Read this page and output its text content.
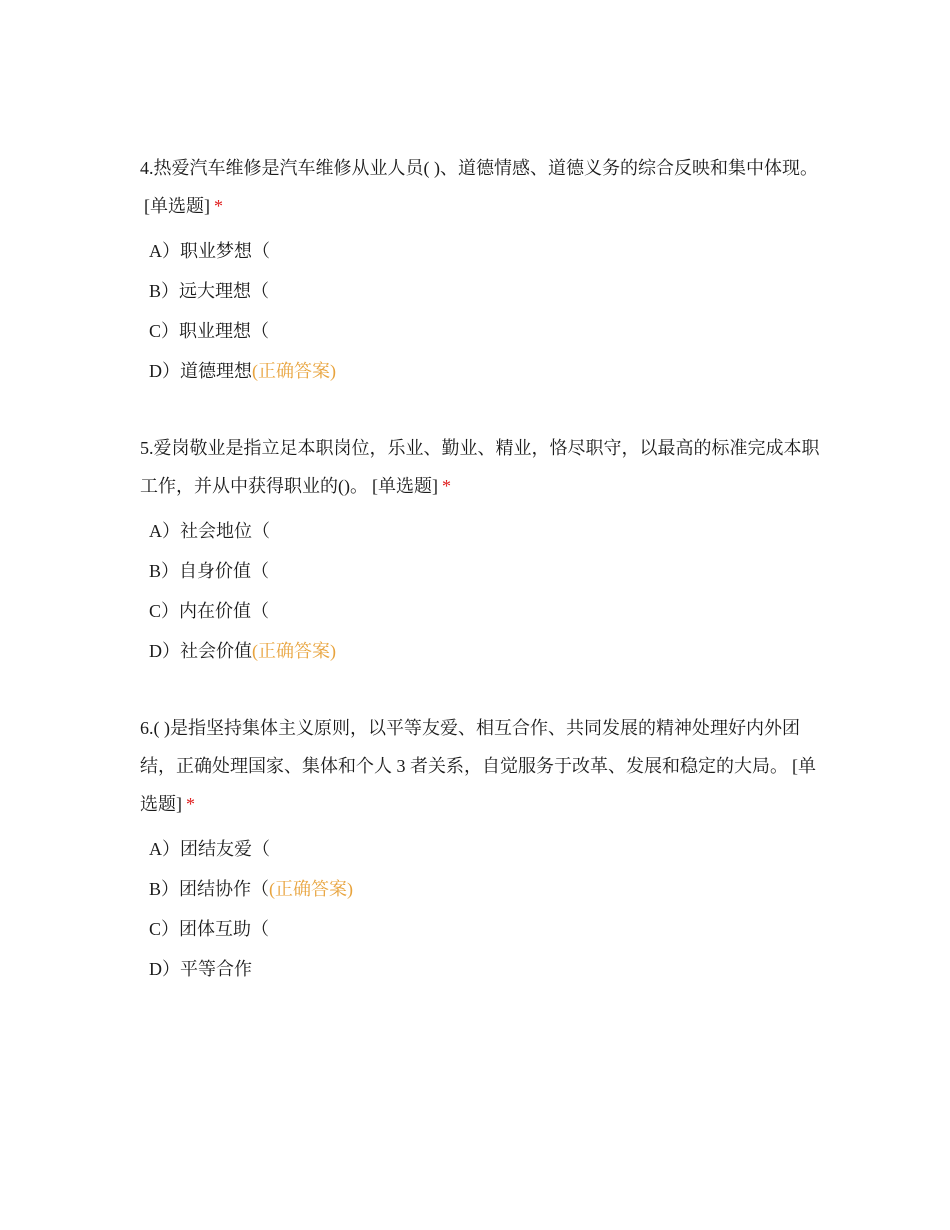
4.热爱汽车维修是汽车维修从业人员( )、道德情感、道德义务的综合反映和集中体现。[单选题] *

A）职业梦想（
B）远大理想（
C）职业理想（
D）道德理想(正确答案)

5.爱岗敬业是指立足本职岗位，乐业、勤业、精业，恪尽职守，以最高的标准完成本职工作，并从中获得职业的()。 [单选题] *

A）社会地位（
B）自身价值（
C）内在价值（
D）社会价值(正确答案)

6.( )是指坚持集体主义原则，以平等友爱、相互合作、共同发展的精神处理好内外团结，正确处理国家、集体和个人 3 者关系，自觉服务于改革、发展和稳定的大局。 [单选题] *

A）团结友爱（
B）团结协作（(正确答案)
C）团体互助（
D）平等合作
